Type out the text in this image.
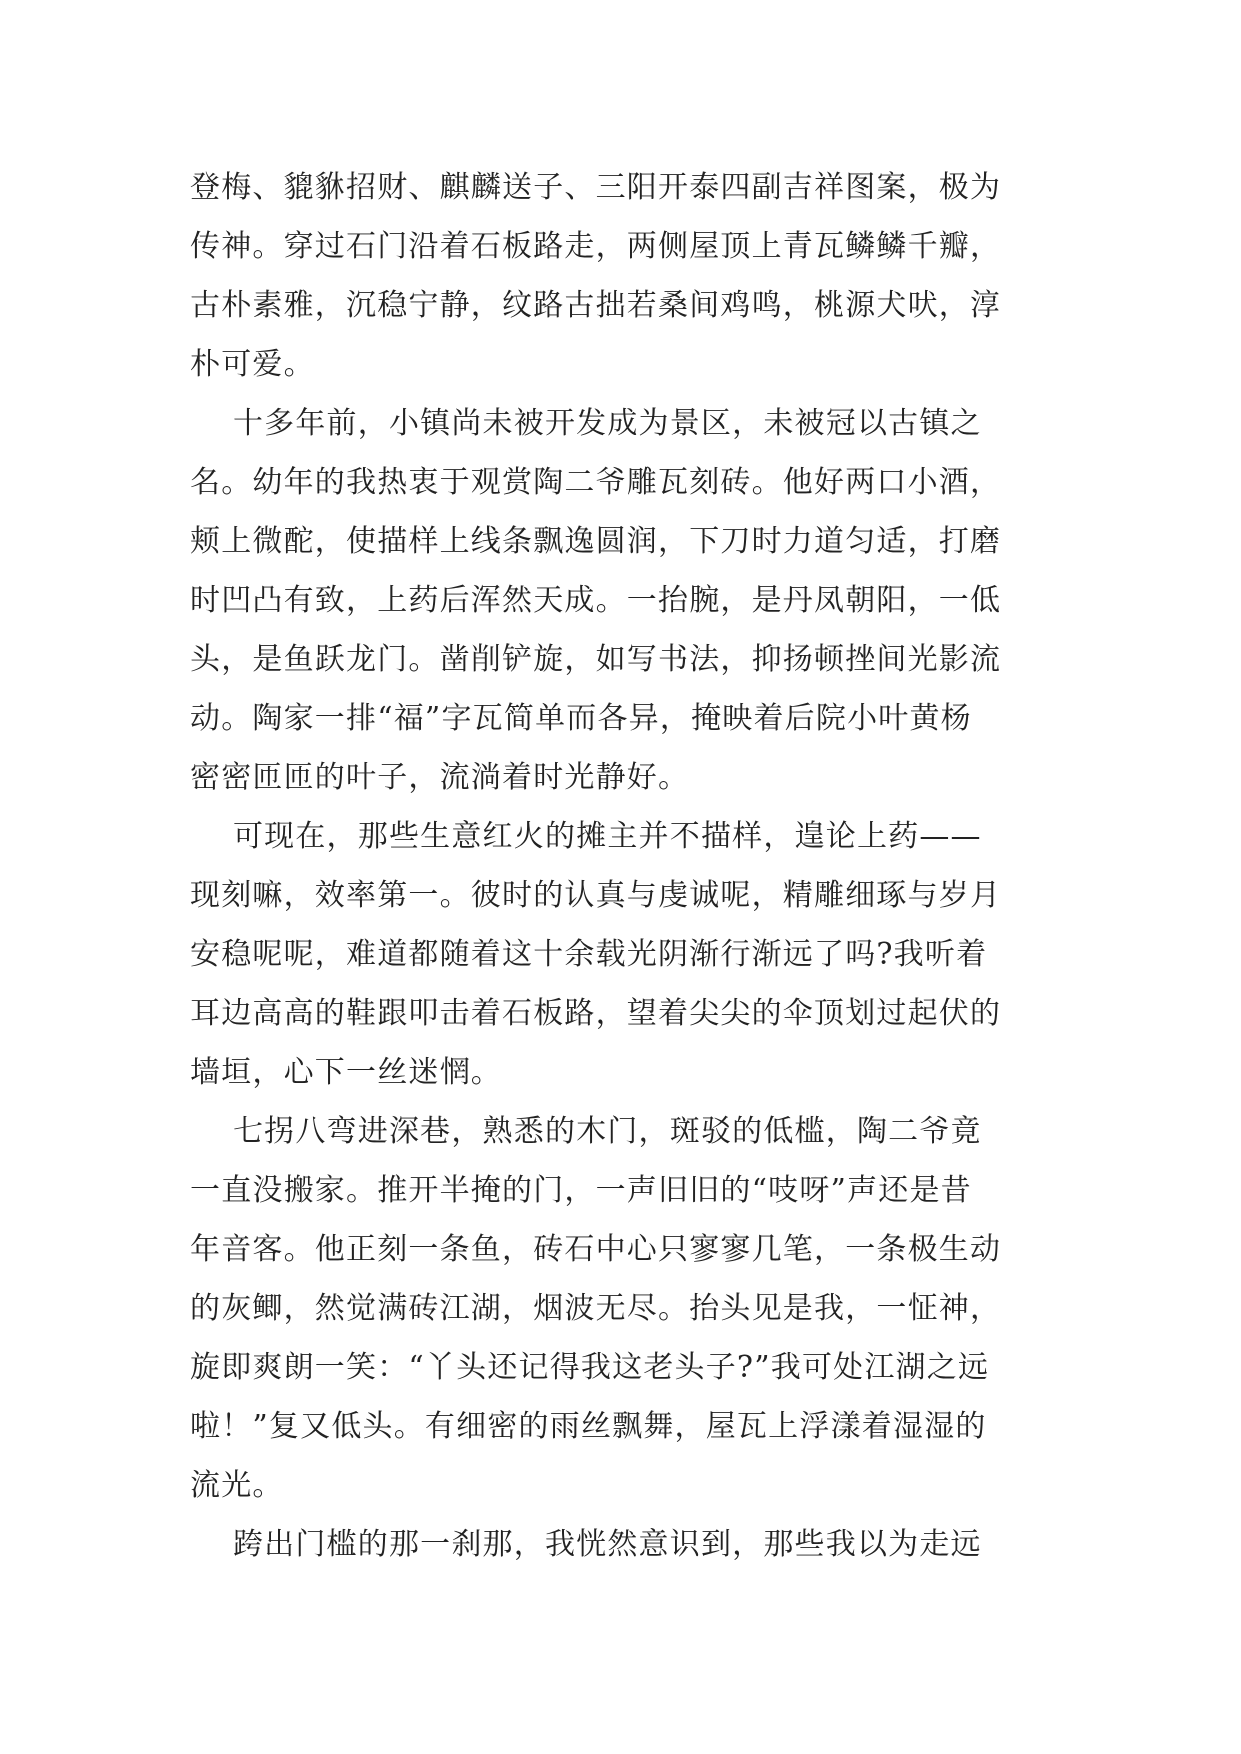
登梅、貔貅招财、麒麟送子、三阳开泰四副吉祥图案，极为
传神。穿过石门沿着石板路走，两侧屋顶上青瓦鳞鳞千瓣，
古朴素雅，沉稳宁静，纹路古拙若桑间鸡鸣，桃源犬吠，淳
朴可爱。
十多年前，小镇尚未被开发成为景区，未被冠以古镇之
名。幼年的我热衷于观赏陶二爷雕瓦刻砖。他好两口小酒，
颊上微酡，使描样上线条飘逸圆润，下刀时力道匀适，打磨
时凹凸有致，上药后浑然天成。一抬腕，是丹凤朝阳，一低
头，是鱼跃龙门。凿削铲旋，如写书法，抑扬顿挫间光影流
动。陶家一排“福”字瓦简单而各异，掩映着后院小叶黄杨
密密匝匝的叶子，流淌着时光静好。
可现在，那些生意红火的摊主并不描样，遑论上药——
现刻嘛，效率第一。彼时的认真与虔诚呢，精雕细琢与岁月
安稳呢呢，难道都随着这十余载光阴渐行渐远了吗?我听着
耳边高高的鞋跟叩击着石板路，望着尖尖的伞顶划过起伏的
墙垣，心下一丝迷惘。
七拐八弯进深巷，熟悉的木门，斑驳的低槛，陶二爷竟
一直没搬家。推开半掩的门，一声旧旧的“吱呀”声还是昔
年音客。他正刻一条鱼，砖石中心只寥寥几笔，一条极生动
的灰鲫，然觉满砖江湖，烟波无尽。抬头见是我，一怔神，
旋即爽朗一笑：“丫头还记得我这老头子?”我可处江湖之远
啦！”复又低头。有细密的雨丝飘舞，屋瓦上浮漾着湿湿的
流光。
跨出门槛的那一刹那，我恍然意识到，那些我以为走远
